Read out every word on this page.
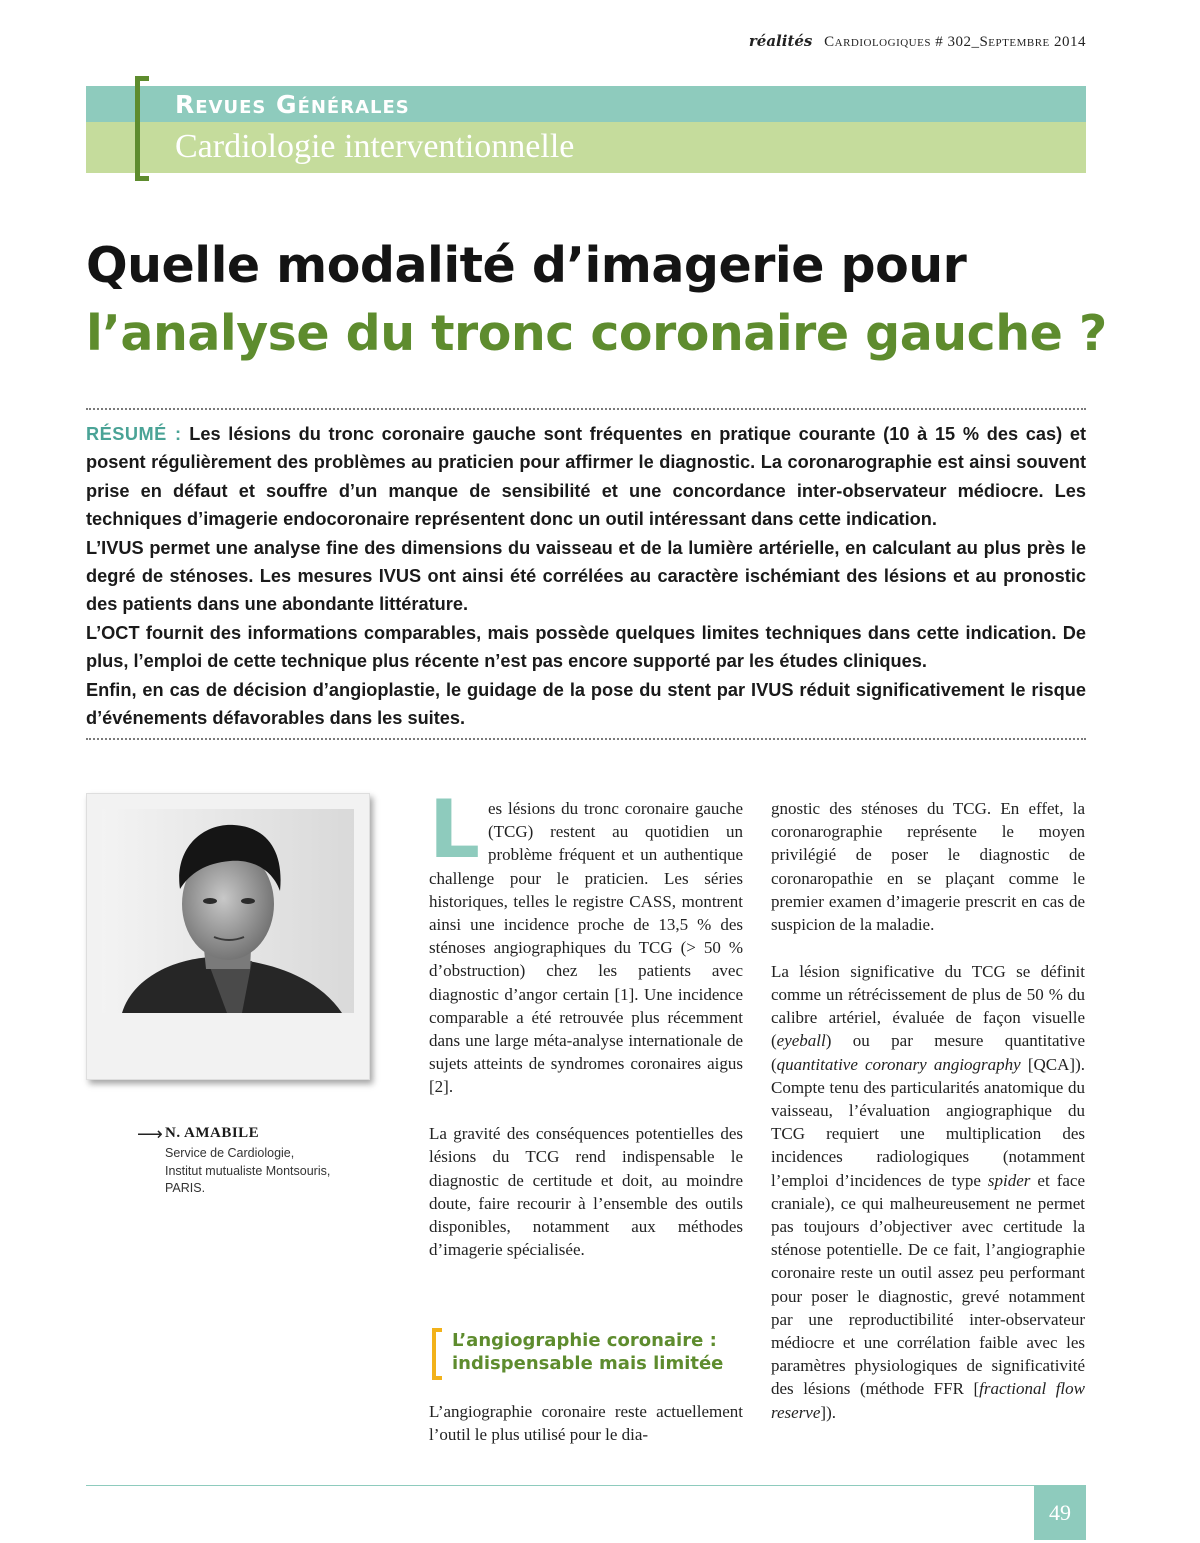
réalités Cardiologiques # 302_Septembre 2014
Revues Générales
Cardiologie interventionnelle
Quelle modalité d’imagerie pour
l’analyse du tronc coronaire gauche ?

RÉSUMÉ : Les lésions du tronc coronaire gauche sont fréquentes en pratique courante (10 à 15 % des cas) et posent régulièrement des problèmes au praticien pour affirmer le diagnostic. La coronarographie est ainsi souvent prise en défaut et souffre d’un manque de sensibilité et une concordance inter-observateur médiocre. Les techniques d’imagerie endocoronaire représentent donc un outil intéressant dans cette indication.

L’IVUS permet une analyse fine des dimensions du vaisseau et de la lumière artérielle, en calculant au plus près le degré de sténoses. Les mesures IVUS ont ainsi été corrélées au caractère ischémiant des lésions et au pronostic des patients dans une abondante littérature.

L’OCT fournit des informations comparables, mais possède quelques limites techniques dans cette indication. De plus, l’emploi de cette technique plus récente n’est pas encore supporté par les études cliniques.

Enfin, en cas de décision d’angioplastie, le guidage de la pose du stent par IVUS réduit significativement le risque d’événements défavorables dans les suites.

⟶ N. AMABILE
Service de Cardiologie,
Institut mutualiste Montsouris,
PARIS.

Les lésions du tronc coronaire gauche (TCG) restent au quotidien un problème fréquent et un authentique challenge pour le praticien. Les séries historiques, telles le registre CASS, montrent ainsi une incidence proche de 13,5 % des sténoses angiographiques du TCG (> 50 % d’obstruction) chez les patients avec diagnostic d’angor certain [1]. Une incidence comparable a été retrouvée plus récemment dans une large méta-analyse internationale de sujets atteints de syndromes coronaires aigus [2].

La gravité des conséquences potentielles des lésions du TCG rend indispensable le diagnostic de certitude et doit, au moindre doute, faire recourir à l’ensemble des outils disponibles, notamment aux méthodes d’imagerie spécialisée.

L’angiographie coronaire :
indispensable mais limitée

L’angiographie coronaire reste actuellement l’outil le plus utilisé pour le dia-

gnostic des sténoses du TCG. En effet, la coronarographie représente le moyen privilégié de poser le diagnostic de coronaropathie en se plaçant comme le premier examen d’imagerie prescrit en cas de suspicion de la maladie.

La lésion significative du TCG se définit comme un rétrécissement de plus de 50 % du calibre artériel, évaluée de façon visuelle (eyeball) ou par mesure quantitative (quantitative coronary angiography [QCA]). Compte tenu des particularités anatomique du vaisseau, l’évaluation angiographique du TCG requiert une multiplication des incidences radiologiques (notamment l’emploi d’incidences de type spider et face craniale), ce qui malheureusement ne permet pas toujours d’objectiver avec certitude la sténose potentielle. De ce fait, l’angiographie coronaire reste un outil assez peu performant pour poser le diagnostic, grevé notamment par une reproductibilité inter-observateur médiocre et une corrélation faible avec les paramètres physiologiques de significativité des lésions (méthode FFR [fractional flow reserve]).

49
